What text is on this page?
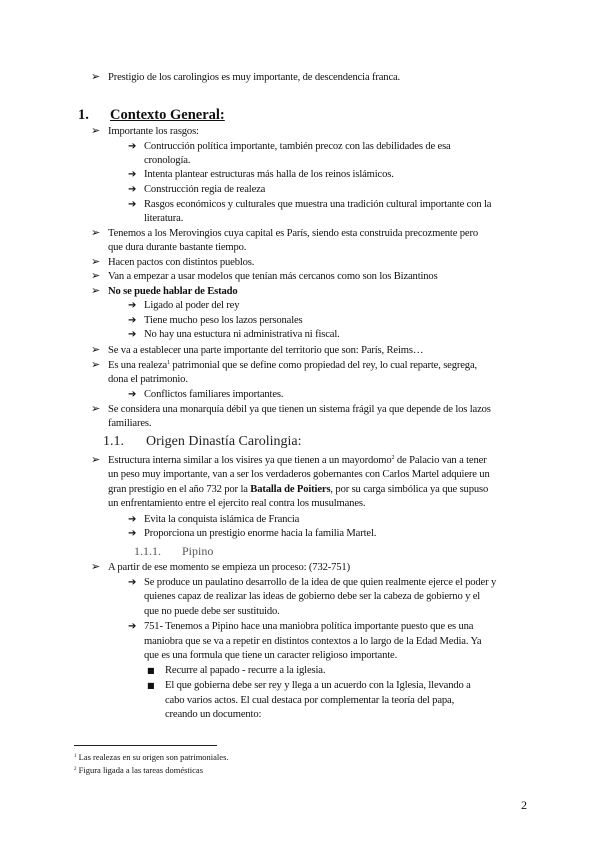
➢ Prestigio de los carolingios es muy importante, de descendencia franca.
1. Contexto General:
➢ Importante los rasgos:
➔ Contrucción política importante, también precoz con las debilidades de esa
cronología.
➔ Intenta plantear estructuras más halla de los reinos islámicos.
➔ Construcción regia de realeza
➔ Rasgos económicos y culturales que muestra una tradición cultural importante con la
literatura.
➢ Tenemos a los Merovingios cuya capital es París, siendo esta construida precozmente pero
que dura durante bastante tiempo.
➢ Hacen pactos con distintos pueblos.
➢ Van a empezar a usar modelos que tenían más cercanos como son los Bizantinos
➢ No se puede hablar de Estado
➔ Ligado al poder del rey
➔ Tiene mucho peso los lazos personales
➔ No hay una estuctura ni administrativa ni fiscal.
➢ Se va a establecer una parte importante del territorio que son: París, Reims…
➢ Es una realeza$^1$ patrimonial que se define como propiedad del rey, lo cual reparte, segrega,
dona el patrimonio.
➔ Conflictos familiares importantes.
➢ Se considera una monarquía débil ya que tienen un sistema frágil ya que depende de los lazos
familiares.
1.1. Origen Dinastía Carolingia:
➢ Estructura interna similar a los visires ya que tienen a un mayordomo$^2$ de Palacio van a tener
un peso muy importante, van a ser los verdaderos gobernantes con Carlos Martel adquiere un
gran prestigio en el año 732 por la Batalla de Poitiers, por su carga simbólica ya que supuso
un enfrentamiento entre el ejercito real contra los musulmanes.
➔ Evita la conquista islámica de Francia
➔ Proporciona un prestigio enorme hacia la familia Martel.
1.1.1. Pipino
➢ A partir de ese momento se empieza un proceso: (732-751)
➔ Se produce un paulatino desarrollo de la idea de que quien realmente ejerce el poder y
quienes capaz de realizar las ideas de gobierno debe ser la cabeza de gobierno y el
que no puede debe ser sustituido.
➔ 751- Tenemos a Pipino hace una maniobra política importante puesto que es una
maniobra que se va a repetir en distintos contextos a lo largo de la Edad Media. Ya
que es una formula que tiene un caracter religioso importante.
■ Recurre al papado - recurre a la iglesia.
■ El que gobierna debe ser rey y llega a un acuerdo con la Iglesia, llevando a
cabo varios actos. El cual destaca por complementar la teoría del papa,
creando un documento:
$^1$ Las realezas en su origen son patrimoniales.
$^2$ Figura ligada a las tareas domésticas
2
